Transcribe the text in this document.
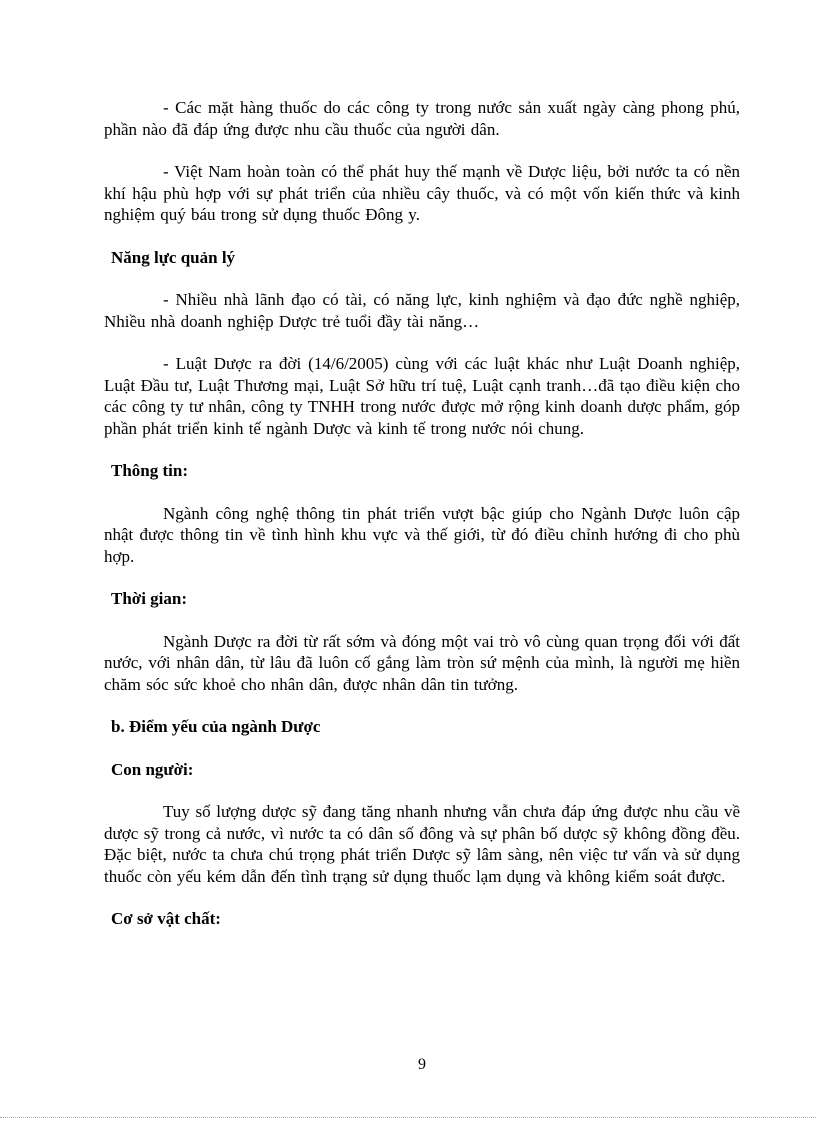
- Các mặt hàng thuốc do các công ty trong nước sản xuất ngày càng phong phú, phần nào đã đáp ứng được nhu cầu thuốc của người dân.

- Việt Nam hoàn toàn có thể phát huy thế mạnh về Dược liệu, bởi nước ta có nền khí hậu phù hợp với sự phát triển của nhiều cây thuốc, và có một vốn kiến thức và kinh nghiệm quý báu trong sử dụng thuốc Đông y.

Năng lực quản lý

- Nhiều nhà lãnh đạo có tài, có năng lực, kinh nghiệm và đạo đức nghề nghiệp, Nhiều nhà doanh nghiệp Dược trẻ tuổi đầy tài năng…

- Luật Dược ra đời (14/6/2005) cùng với các luật khác như Luật Doanh nghiệp, Luật Đầu tư, Luật Thương mại, Luật Sở hữu trí tuệ, Luật cạnh tranh…đã tạo điều kiện cho các công ty tư nhân, công ty TNHH trong nước được mở rộng kinh doanh dược phẩm, góp phần phát triển kinh tế ngành Dược và kinh tế trong nước nói chung.

Thông tin:

Ngành công nghệ thông tin phát triển vượt bậc giúp cho Ngành Dược luôn cập nhật được thông tin về tình hình khu vực và thế giới, từ đó điều chỉnh hướng đi cho phù hợp.

Thời gian:

Ngành Dược ra đời từ rất sớm và đóng một vai trò vô cùng quan trọng đối với đất nước, với nhân dân, từ lâu đã luôn cố gắng làm tròn sứ mệnh của mình, là người mẹ hiền chăm sóc sức khoẻ cho nhân dân, được nhân dân tin tưởng.

b. Điểm yếu của ngành Dược
Con người:

Tuy số lượng dược sỹ đang tăng nhanh nhưng vẫn chưa đáp ứng được nhu cầu về dược sỹ trong cả nước, vì nước ta có dân số đông và sự phân bố dược sỹ không đồng đều. Đặc biệt, nước ta chưa chú trọng phát triển Dược sỹ lâm sàng, nên việc tư vấn và sử dụng thuốc còn yếu kém dẫn đến tình trạng sử dụng thuốc lạm dụng và không kiểm soát được.

Cơ sở vật chất:
9
